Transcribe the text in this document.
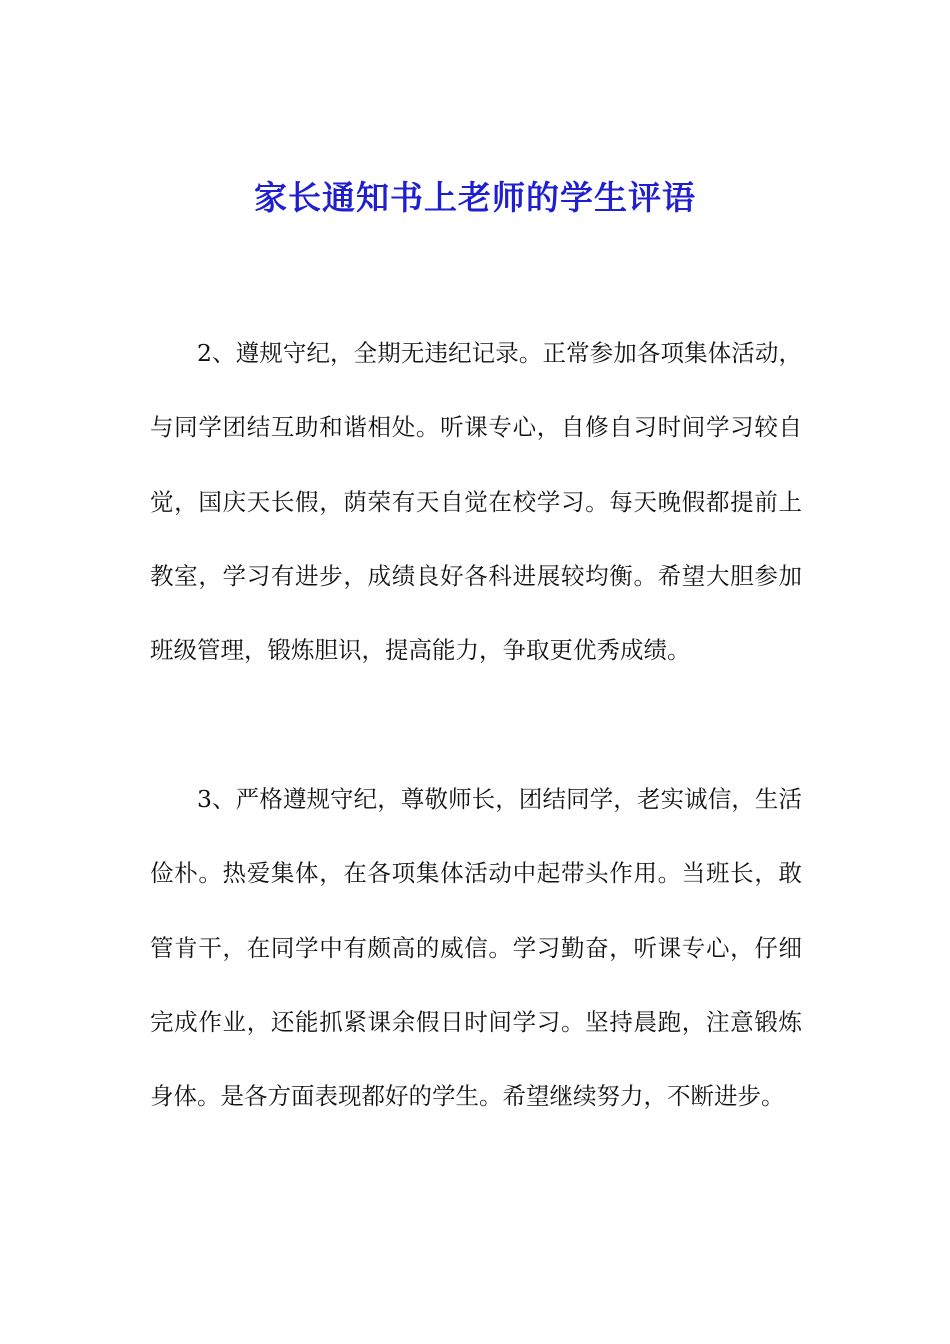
家长通知书上老师的学生评语

2、遵规守纪，全期无违纪记录。正常参加各项集体活动，与同学团结互助和谐相处。听课专心，自修自习时间学习较自觉，国庆天长假，荫荣有天自觉在校学习。每天晚假都提前上教室，学习有进步，成绩良好各科进展较均衡。希望大胆参加班级管理，锻炼胆识，提高能力，争取更优秀成绩。

3、严格遵规守纪，尊敬师长，团结同学，老实诚信，生活俭朴。热爱集体，在各项集体活动中起带头作用。当班长，敢管肯干，在同学中有颇高的威信。学习勤奋，听课专心，仔细完成作业，还能抓紧课余假日时间学习。坚持晨跑，注意锻炼身体。是各方面表现都好的学生。希望继续努力，不断进步。
